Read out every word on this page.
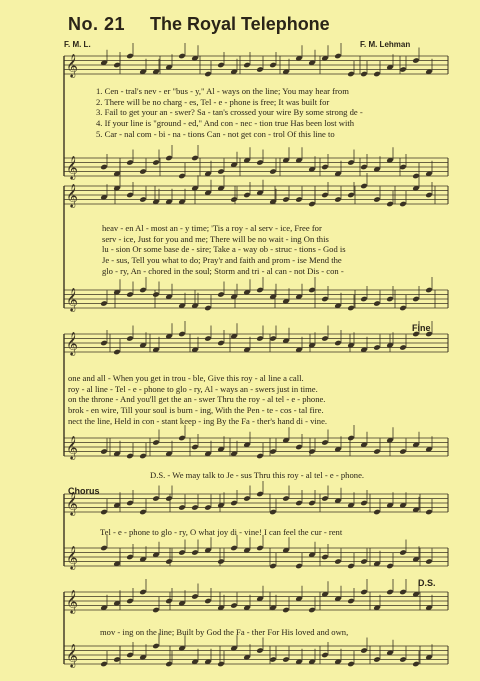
No. 21 The Royal Telephone
F. M. L.	F. M. Lehman
𝄞
𝄞
𝄞
𝄞
𝄞
𝄞
𝄞
𝄞
𝄞
𝄞
1. Cen - tral's nev - er "bus - y," Al - ways on the line; You may hear from
2. There will be no charg - es, Tel - e - phone is free; It was built for
3. Fail to get your an - swer? Sa - tan's crossed your wire By some strong de -
4. If your line is "ground - ed," And con - nec - tion true Has been lost with
5. Car - nal com - bi - na - tions Can - not get con - trol Of this line to
heav - en Al - most an - y time; 'Tis a roy - al serv - ice, Free for
serv - ice, Just for you and me; There will be no wait - ing On this
lu - sion Or some base de - sire; Take a - way ob - struc - tions - God is
Je - sus, Tell you what to do; Pray'r and faith and prom - ise Mend the
glo - ry, An - chored in the soul; Storm and tri - al can - not Dis - con -
Fine
one and all - When you get in trou - ble, Give this roy - al line a call.
roy - al line - Tel - e - phone to glo - ry, Al - ways an - swers just in time.
on the throne - And you'll get the an - swer Thru the roy - al tel - e - phone.
brok - en wire, Till your soul is burn - ing, With the Pen - te - cos - tal fire.
nect the line, Held in con - stant keep - ing By the Fa - ther's hand di - vine.
D.S. - We may talk to Je - sus Thru this roy - al tel - e - phone.
Chorus
Tel - e - phone to glo - ry, O what joy di - vine! I can feel the cur - rent
D.S.
mov - ing on the line; Built by God the Fa - ther For His loved and own,
